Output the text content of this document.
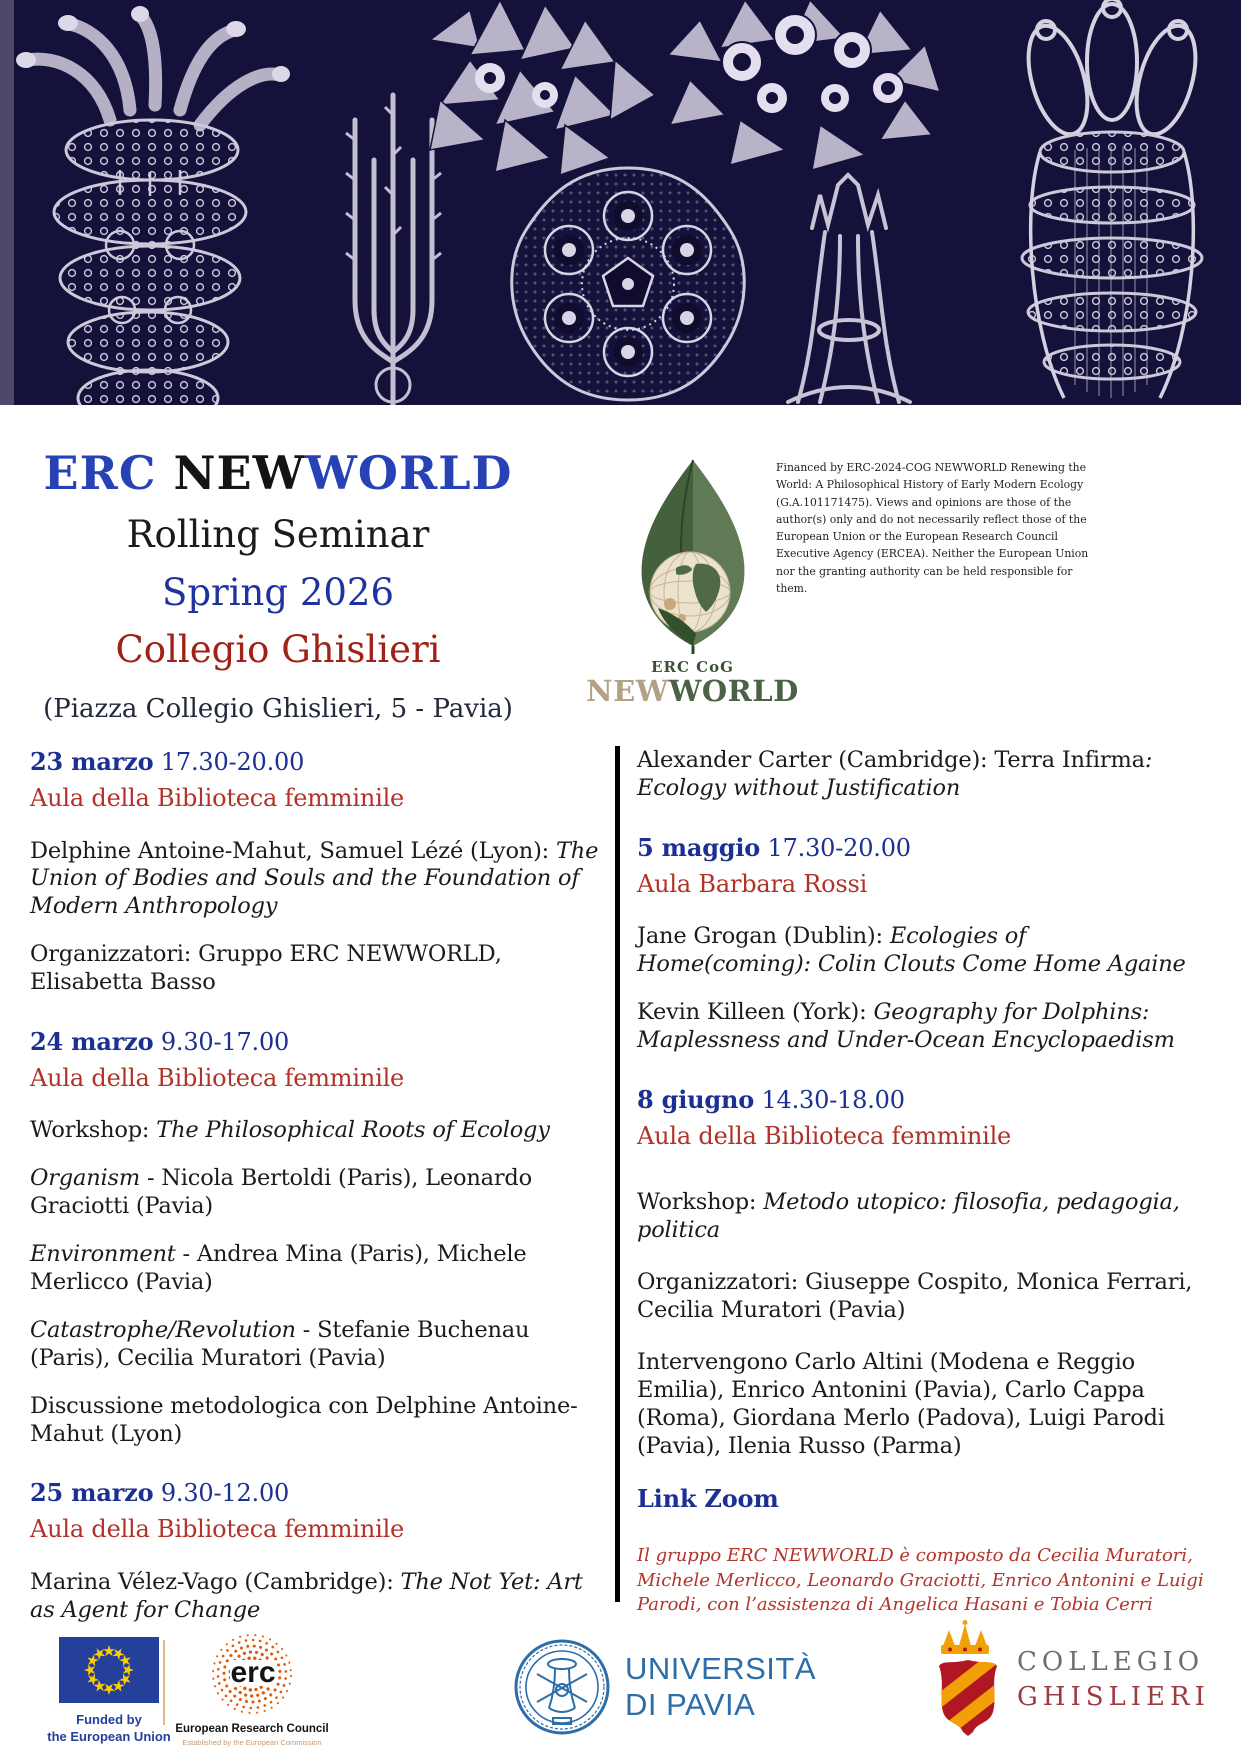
ERC NEWWORLD
Rolling Seminar
Spring 2026
Collegio Ghislieri
(Piazza Collegio Ghislieri, 5 - Pavia)
ERC CoG
NEWWORLD
Financed by ERC-2024-COG NEWWORLD Renewing the World: A Philosophical History of Early Modern Ecology (G.A.101171475). Views and opinions are those of the author(s) only and do not necessarily reflect those of the European Union or the European Research Council Executive Agency (ERCEA). Neither the European Union nor the granting authority can be held responsible for them.
23 marzo 17.30-20.00
Aula della Biblioteca femminile
Delphine Antoine-Mahut, Samuel Lézé (Lyon): The Union of Bodies and Souls and the Foundation of Modern Anthropology
Organizzatori: Gruppo ERC NEWWORLD, Elisabetta Basso
24 marzo 9.30-17.00
Aula della Biblioteca femminile
Workshop: The Philosophical Roots of Ecology
Organism - Nicola Bertoldi (Paris), Leonardo Graciotti (Pavia)
Environment - Andrea Mina (Paris), Michele Merlicco (Pavia)
Catastrophe/Revolution - Stefanie Buchenau (Paris), Cecilia Muratori (Pavia)
Discussione metodologica con Delphine Antoine-Mahut (Lyon)
25 marzo 9.30-12.00
Aula della Biblioteca femminile
Marina Vélez-Vago (Cambridge): The Not Yet: Art as Agent for Change
Alexander Carter (Cambridge): Terra Infirma: Ecology without Justification
5 maggio 17.30-20.00
Aula Barbara Rossi
Jane Grogan (Dublin): Ecologies of Home(coming): Colin Clouts Come Home Againe
Kevin Killeen (York): Geography for Dolphins: Maplessness and Under-Ocean Encyclopaedism
8 giugno 14.30-18.00
Aula della Biblioteca femminile
Workshop: Metodo utopico: filosofia, pedagogia, politica
Organizzatori: Giuseppe Cospito, Monica Ferrari, Cecilia Muratori (Pavia)
Intervengono Carlo Altini (Modena e Reggio Emilia), Enrico Antonini (Pavia), Carlo Cappa (Roma), Giordana Merlo (Padova), Luigi Parodi (Pavia), Ilenia Russo (Parma)
Link Zoom
Il gruppo ERC NEWWORLD è composto da Cecilia Muratori, Michele Merlicco, Leonardo Graciotti, Enrico Antonini e Luigi Parodi, con l’assistenza di Angelica Hasani e Tobia Cerri
Funded by
the European Union
erc
European Research Council
Established by the European Commission
UNIVERSITÀ
DI PAVIA
COLLEGIO
GHISLIERI
